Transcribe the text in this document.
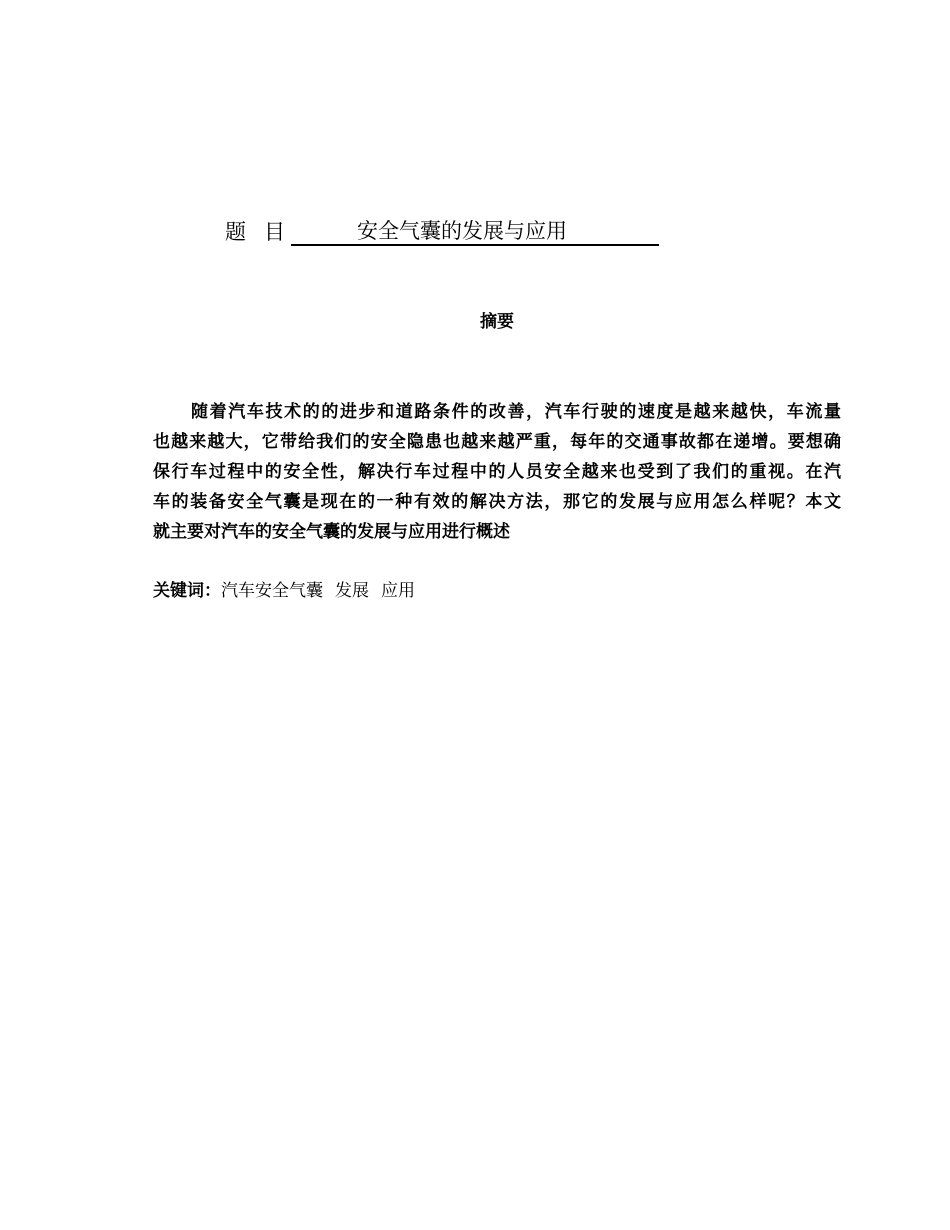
题目	安全气囊的发展与应用
摘要
随着汽车技术的的进步和道路条件的改善，汽车行驶的速度是越来越快，车流量
也越来越大，它带给我们的安全隐患也越来越严重，每年的交通事故都在递增。要想确
保行车过程中的安全性，解决行车过程中的人员安全越来也受到了我们的重视。在汽
车的装备安全气囊是现在的一种有效的解决方法，那它的发展与应用怎么样呢？本文
就主要对汽车的安全气囊的发展与应用进行概述
关键词：汽车安全气囊 发展 应用
